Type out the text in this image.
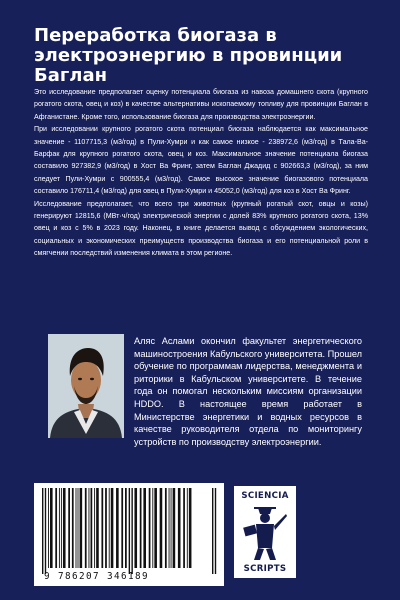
Переработка биогаза в электроэнергию в провинции Баглан

Это исследование предполагает оценку потенциала биогаза из навоза домашнего скота (крупного рогатого скота, овец и коз) в качестве альтернативы ископаемому топливу для провинции Баглан в Афганистане. Кроме того, использование биогаза для производства электроэнергии.

При исследовании крупного рогатого скота потенциал биогаза наблюдается как максимальное значение - 1107715,3 (м3/год) в Пули-Хумри и как самое низкое - 238972,6 (м3/год) в Тала-Ва-Барфак для крупного рогатого скота, овец и коз. Максимальное значение потенциала биогаза составило 927382,9 (м3/год) в Хост Ва Фринг, затем Баглан Джадид с 902663,3 (м3/год), за ним следует Пули-Хумри с 900555,4 (м3/год). Самое высокое значение биогазового потенциала составило 176711,4 (м3/год) для овец в Пули-Хумри и 45052,0 (м3/год) для коз в Хост Ва Фринг.

Исследование предполагает, что всего три животных (крупный рогатый скот, овцы и козы) генерируют 12815,6 (МВт·ч/год) электрической энергии с долей 83% крупного рогатого скота, 13% овец и коз с 5% в 2023 году. Наконец, в книге делается вывод с обсуждением экологических, социальных и экономических преимуществ производства биогаза и его потенциальной роли в смягчении последствий изменения климата в этом регионе.

Аляс Аслами окончил факультет энергетического машиностроения Кабульского университета. Прошел обучение по программам лидерства, менеджмента и риторики в Кабульском университете. В течение года он помогал нескольким миссиям организации HDDO. В настоящее время работает в Министерстве энергетики и водных ресурсов в качестве руководителя отдела по мониторингу устройств по производству электроэнергии.

9 786207 346189
SCIENCIA
SCRIPTS
